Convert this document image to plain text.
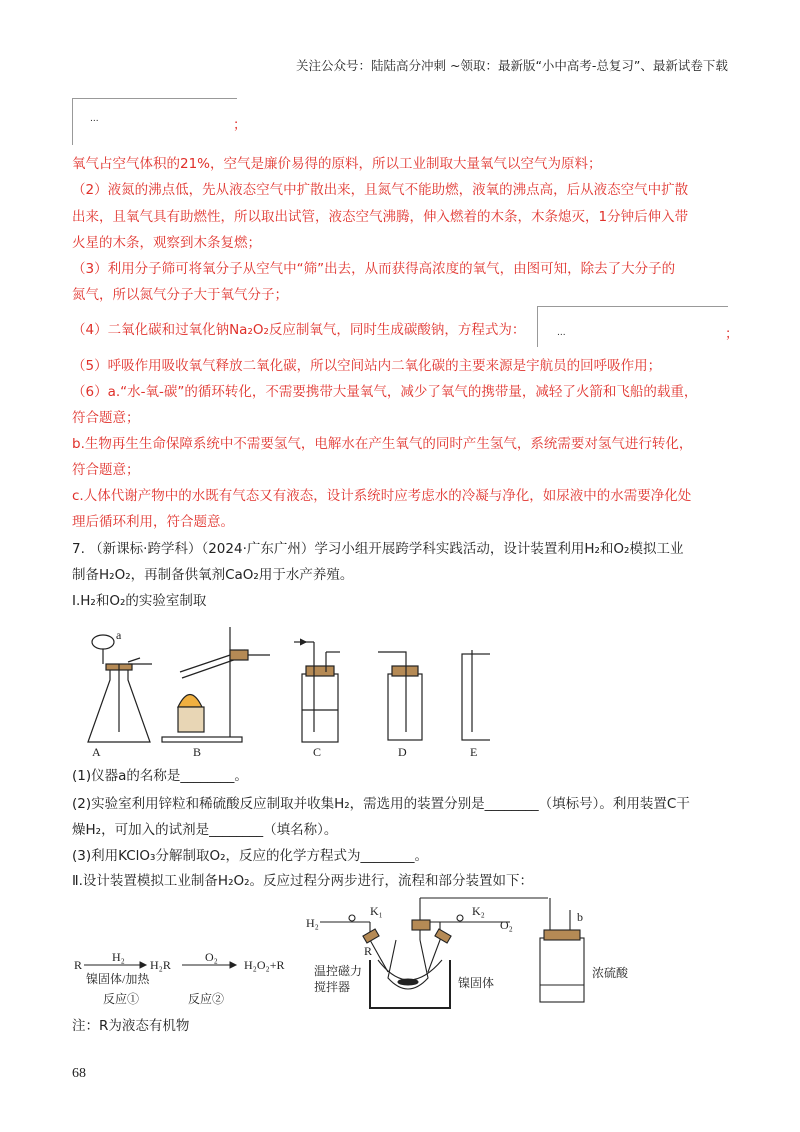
关注公众号：陆陆高分冲刺 ~领取：最新版“小中高考-总复习”、最新试卷下载
...	；
氧气占空气体积的21%，空气是廉价易得的原料，所以工业制取大量氧气以空气为原料；
（2）液氮的沸点低，先从液态空气中扩散出来，且氮气不能助燃，液氧的沸点高，后从液态空气中扩散
出来，且氧气具有助燃性，所以取出试管，液态空气沸腾，伸入燃着的木条，木条熄灭，1分钟后伸入带
火星的木条，观察到木条复燃；
（3）利用分子筛可将氧分子从空气中“筛”出去，从而获得高浓度的氧气，由图可知，除去了大分子的
氮气，所以氮气分子大于氧气分子；
（4）二氧化碳和过氧化钠Na₂O₂反应制氧气，同时生成碳酸钠，方程式为：	...	；
（5）呼吸作用吸收氧气释放二氧化碳，所以空间站内二氧化碳的主要来源是宇航员的回呼吸作用；
（6）a.“水-氧-碳”的循环转化，不需要携带大量氧气，减少了氧气的携带量，减轻了火箭和飞船的载重，
符合题意；
b.生物再生生命保障系统中不需要氢气，电解水在产生氧气的同时产生氢气，系统需要对氢气进行转化，
符合题意；
c.人体代谢产物中的水既有气态又有液态，设计系统时应考虑水的冷凝与净化，如尿液中的水需要净化处
理后循环利用，符合题意。
7. （新课标·跨学科）（2024·广东广州）学习小组开展跨学科实践活动，设计装置利用H₂和O₂模拟工业
制备H₂O₂，再制备供氧剂CaO₂用于水产养殖。
I.H₂和O₂的实验室制取
a
A	B	C	D	E
(1)仪器a的名称是________。
(2)实验室利用锌粒和稀硫酸反应制取并收集H₂，需选用的装置分别是________（填标号）。利用装置C干
燥H₂，可加入的试剂是________（填名称）。
(3)利用KClO₃分解制取O₂，反应的化学方程式为________。
Ⅱ.设计装置模拟工业制备H₂O₂。反应过程分两步进行，流程和部分装置如下：
R
H₂
镍固体/加热
H₂R
O₂
H₂O₂+R
反应①	反应②
H₂
K₁	K₂
O₂
b
R
温控磁力
搅拌器	镍固体
浓硫酸
注：R为液态有机物
68
